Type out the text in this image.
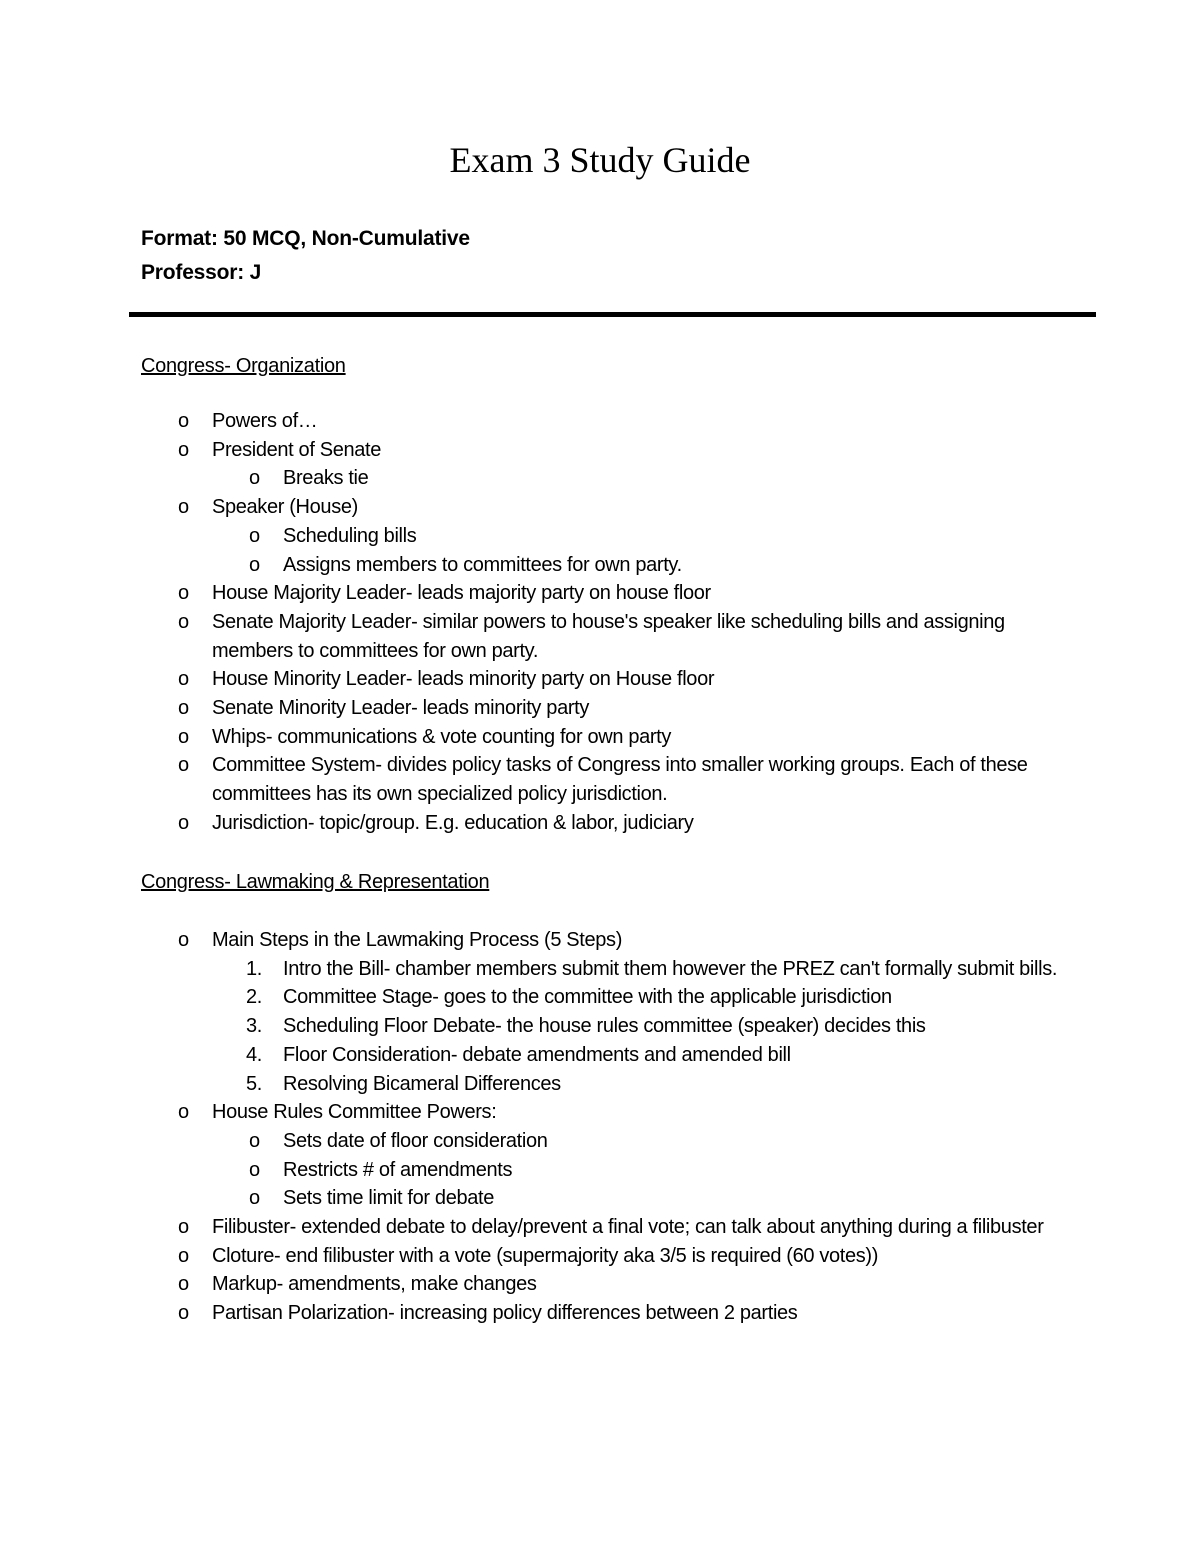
Exam 3 Study Guide
Format: 50 MCQ, Non-Cumulative
Professor: J
Congress- Organization
o Powers of…
o President of Senate
o Breaks tie
o Speaker (House)
o Scheduling bills
o Assigns members to committees for own party.
o House Majority Leader- leads majority party on house floor
o Senate Majority Leader- similar powers to house's speaker like scheduling bills and assigning members to committees for own party.
o House Minority Leader- leads minority party on House floor
o Senate Minority Leader- leads minority party
o Whips- communications & vote counting for own party
o Committee System- divides policy tasks of Congress into smaller working groups. Each of these committees has its own specialized policy jurisdiction.
o Jurisdiction- topic/group. E.g. education & labor, judiciary
Congress- Lawmaking & Representation
o Main Steps in the Lawmaking Process (5 Steps)
1. Intro the Bill- chamber members submit them however the PREZ can't formally submit bills.
2. Committee Stage- goes to the committee with the applicable jurisdiction
3. Scheduling Floor Debate- the house rules committee (speaker) decides this
4. Floor Consideration- debate amendments and amended bill
5. Resolving Bicameral Differences
o House Rules Committee Powers:
o Sets date of floor consideration
o Restricts # of amendments
o Sets time limit for debate
o Filibuster- extended debate to delay/prevent a final vote; can talk about anything during a filibuster
o Cloture- end filibuster with a vote (supermajority aka 3/5 is required (60 votes))
o Markup- amendments, make changes
o Partisan Polarization- increasing policy differences between 2 parties
